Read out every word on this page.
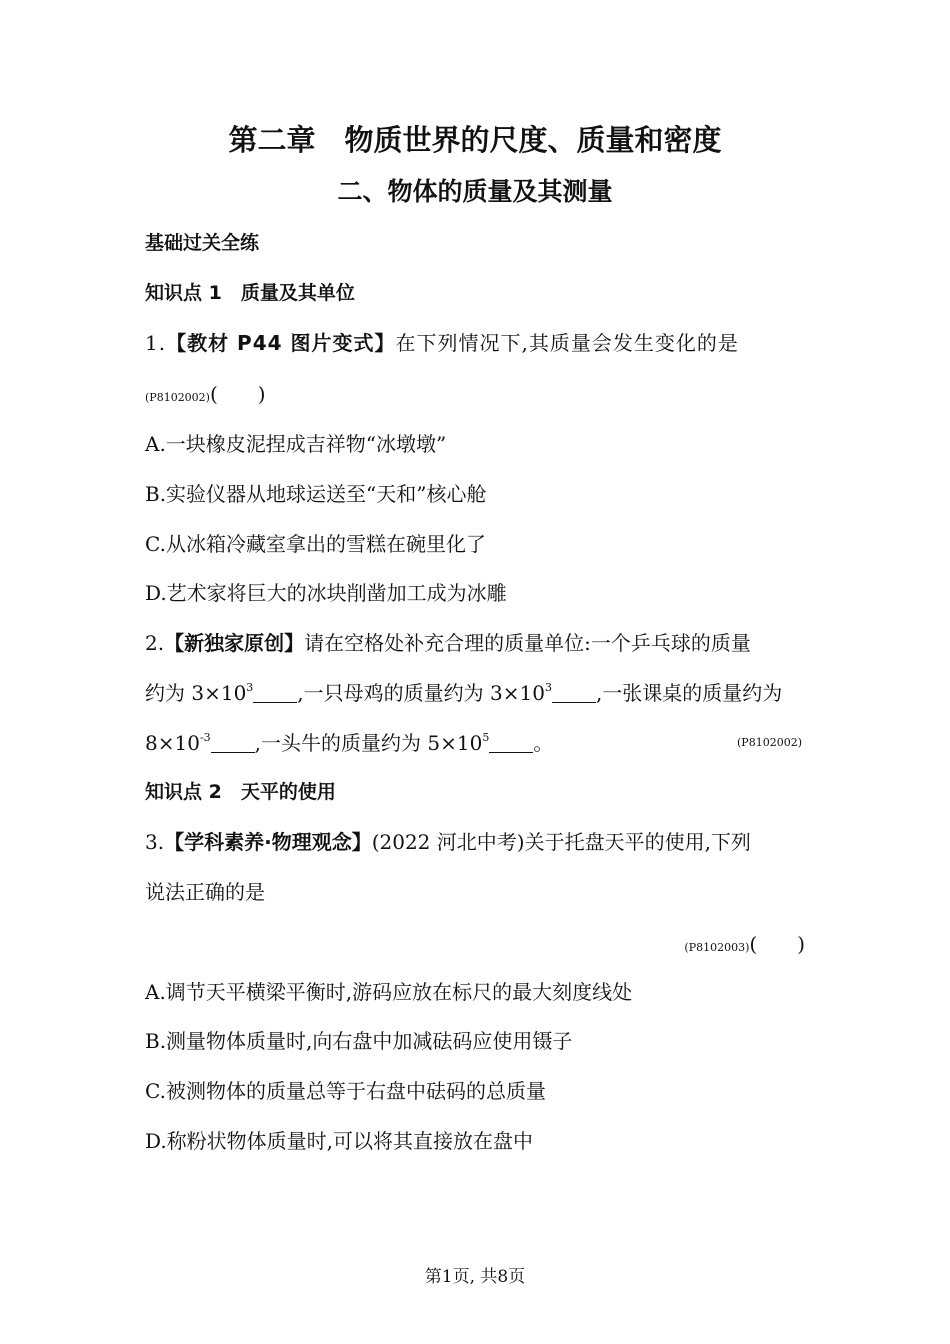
第二章　物质世界的尺度、质量和密度
二、物体的质量及其测量
基础过关全练
知识点 1　质量及其单位
1.【教材 P44 图片变式】在下列情况下,其质量会发生变化的是
(P8102002)(　　)
A.一块橡皮泥捏成吉祥物“冰墩墩”
B.实验仪器从地球运送至“天和”核心舱
C.从冰箱冷藏室拿出的雪糕在碗里化了
D.艺术家将巨大的冰块削凿加工成为冰雕
2.【新独家原创】请在空格处补充合理的质量单位:一个乒乓球的质量
约为 $3\times 10^3$ ,一只母鸡的质量约为 $3\times 10^3$ ,一张课桌的质量约为
$8\times 10^{-3}$ ,一头牛的质量约为 $5\times 10^5$ 。	(P8102002)
知识点 2　天平的使用
3.【学科素养·物理观念】(2022 河北中考)关于托盘天平的使用,下列
说法正确的是
(P8102003)(　　)
A.调节天平横梁平衡时,游码应放在标尺的最大刻度线处
B.测量物体质量时,向右盘中加减砝码应使用镊子
C.被测物体的质量总等于右盘中砝码的总质量
D.称粉状物体质量时,可以将其直接放在盘中
第1页, 共8页
